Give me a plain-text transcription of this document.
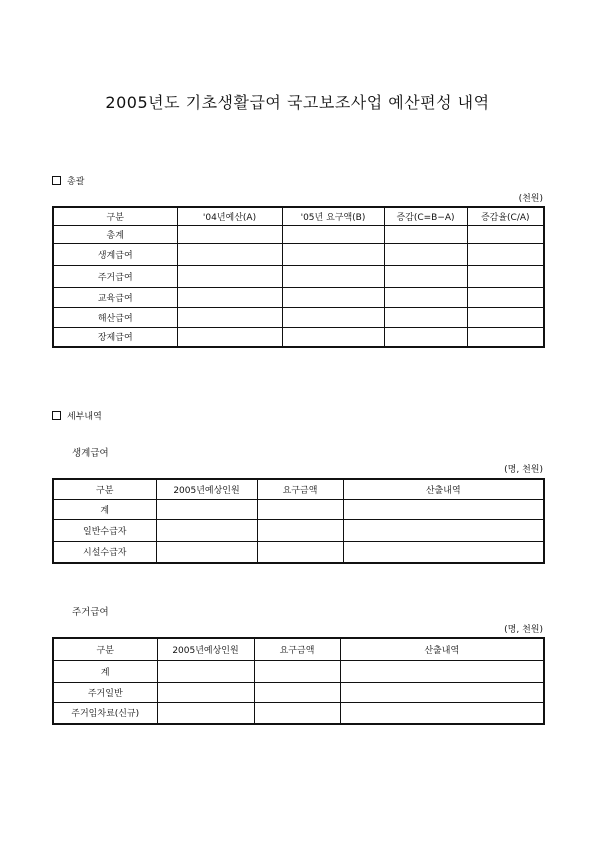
2005년도 기초생활급여 국고보조사업 예산편성 내역
총괄
(천원)
구분	'04년예산(A)	'05년 요구액(B)	증감(C=B−A)	증감율(C/A)
총계				
생계급여				
주거급여				
교육급여				
해산급여				
장제급여				
세부내역
생계급여
(명, 천원)
구분	2005년예상인원	요구금액	산출내역
계			
일반수급자			
시설수급자			
주거급여
(명, 천원)
구분	2005년예상인원	요구금액	산출내역
계			
주거일반			
주거임차료(신규)			
